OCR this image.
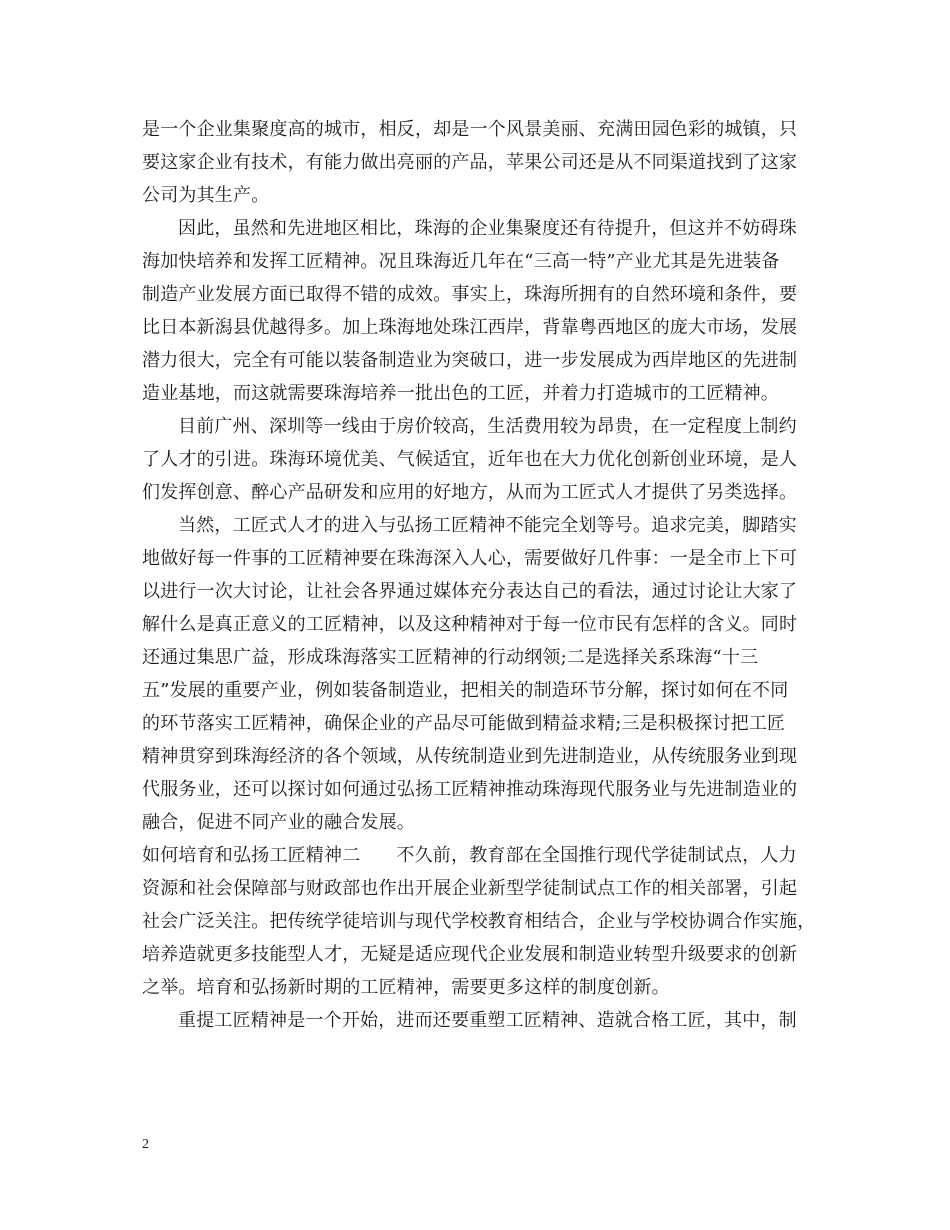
是一个企业集聚度高的城市，相反，却是一个风景美丽、充满田园色彩的城镇，只
要这家企业有技术，有能力做出亮丽的产品，苹果公司还是从不同渠道找到了这家
公司为其生产。
因此，虽然和先进地区相比，珠海的企业集聚度还有待提升，但这并不妨碍珠
海加快培养和发挥工匠精神。况且珠海近几年在“三高一特”产业尤其是先进装备
制造产业发展方面已取得不错的成效。事实上，珠海所拥有的自然环境和条件，要
比日本新潟县优越得多。加上珠海地处珠江西岸，背靠粤西地区的庞大市场，发展
潜力很大，完全有可能以装备制造业为突破口，进一步发展成为西岸地区的先进制
造业基地，而这就需要珠海培养一批出色的工匠，并着力打造城市的工匠精神。
目前广州、深圳等一线由于房价较高，生活费用较为昂贵，在一定程度上制约
了人才的引进。珠海环境优美、气候适宜，近年也在大力优化创新创业环境，是人
们发挥创意、醉心产品研发和应用的好地方，从而为工匠式人才提供了另类选择。
当然，工匠式人才的进入与弘扬工匠精神不能完全划等号。追求完美，脚踏实
地做好每一件事的工匠精神要在珠海深入人心，需要做好几件事：一是全市上下可
以进行一次大讨论，让社会各界通过媒体充分表达自己的看法，通过讨论让大家了
解什么是真正意义的工匠精神，以及这种精神对于每一位市民有怎样的含义。同时
还通过集思广益，形成珠海落实工匠精神的行动纲领;二是选择关系珠海“十三
五”发展的重要产业，例如装备制造业，把相关的制造环节分解，探讨如何在不同
的环节落实工匠精神，确保企业的产品尽可能做到精益求精;三是积极探讨把工匠
精神贯穿到珠海经济的各个领域，从传统制造业到先进制造业，从传统服务业到现
代服务业，还可以探讨如何通过弘扬工匠精神推动珠海现代服务业与先进制造业的
融合，促进不同产业的融合发展。
如何培育和弘扬工匠精神二 不久前，教育部在全国推行现代学徒制试点，人力
资源和社会保障部与财政部也作出开展企业新型学徒制试点工作的相关部署，引起
社会广泛关注。把传统学徒培训与现代学校教育相结合，企业与学校协调合作实施，
培养造就更多技能型人才，无疑是适应现代企业发展和制造业转型升级要求的创新
之举。培育和弘扬新时期的工匠精神，需要更多这样的制度创新。
重提工匠精神是一个开始，进而还要重塑工匠精神、造就合格工匠，其中，制
2
